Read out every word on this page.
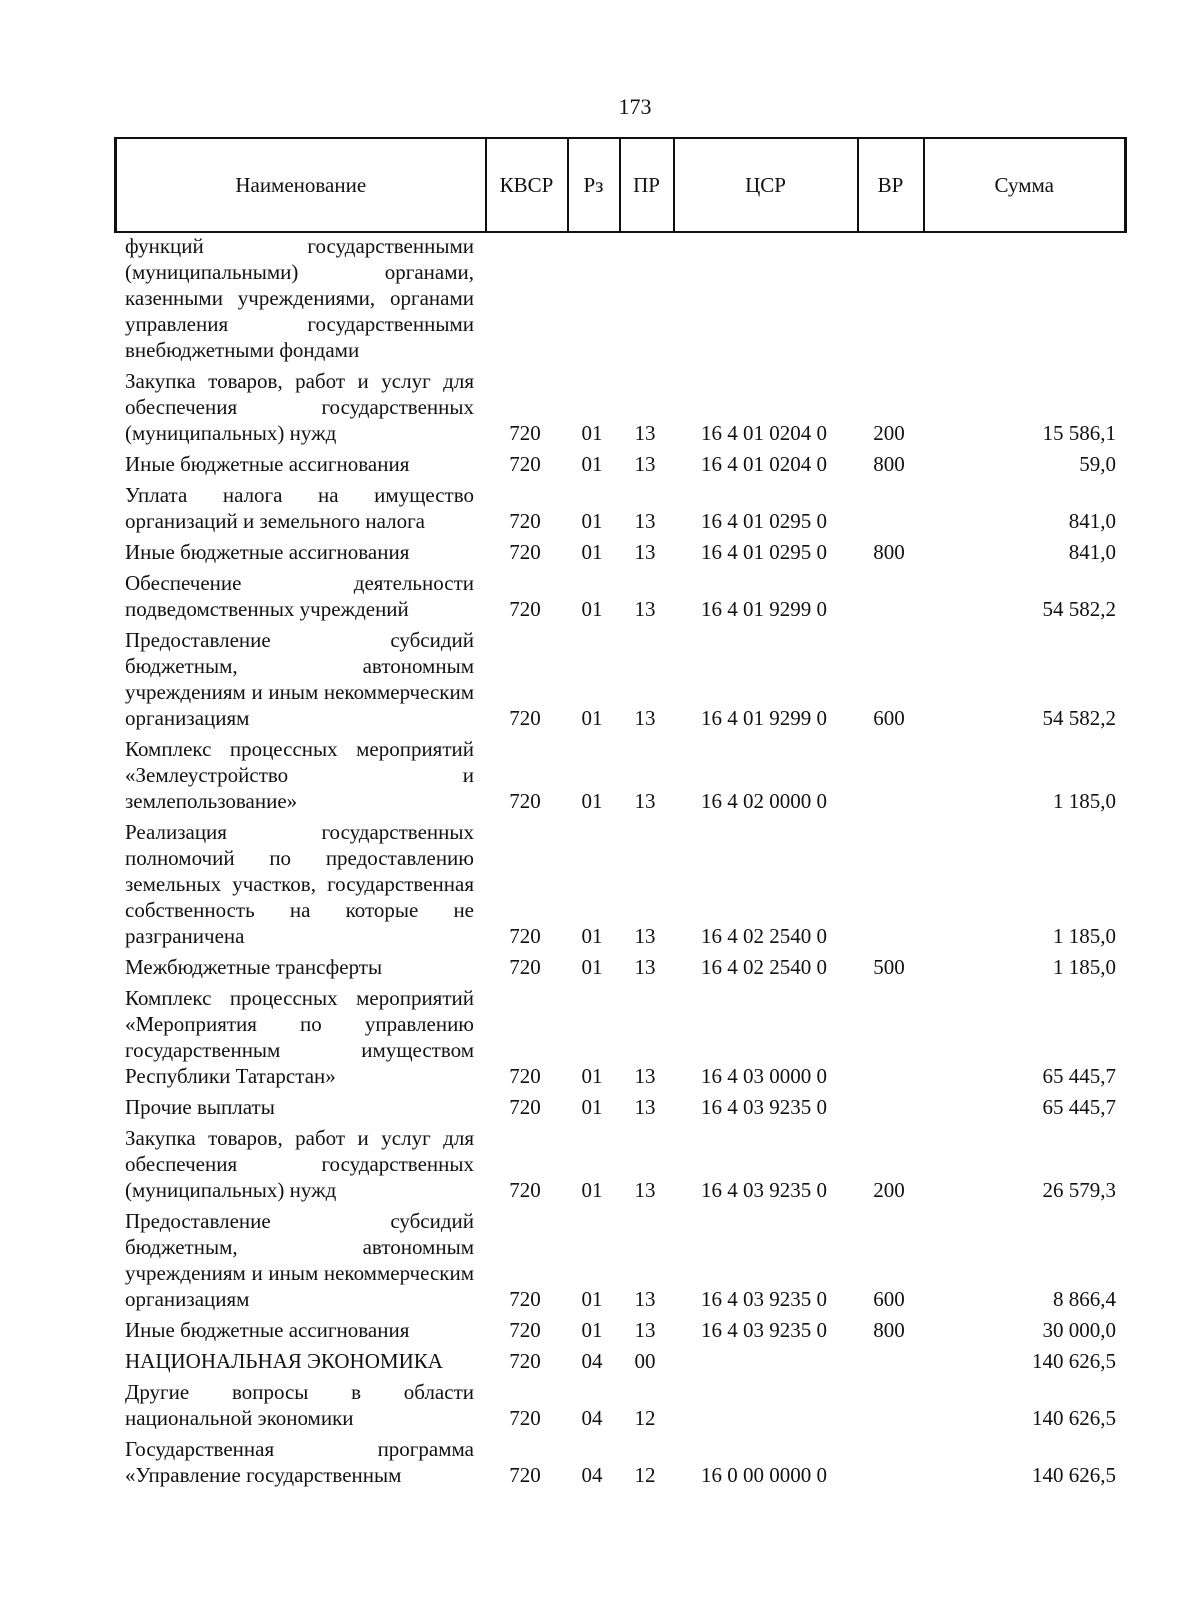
173
Наименование	КВСР	Рз	ПР	ЦСР	ВР	Сумма
функций государственными (муниципальными) органами, казенными учреждениями, органами управления государственными внебюджетными фондами						
Закупка товаров, работ и услуг для обеспечения государственных (муниципальных) нужд	720	01	13	16 4 01 0204 0	200	15 586,1
Иные бюджетные ассигнования	720	01	13	16 4 01 0204 0	800	59,0
Уплата налога на имущество организаций и земельного налога	720	01	13	16 4 01 0295 0		841,0
Иные бюджетные ассигнования	720	01	13	16 4 01 0295 0	800	841,0
Обеспечение деятельности подведомственных учреждений	720	01	13	16 4 01 9299 0		54 582,2
Предоставление субсидий бюджетным, автономным учреждениям и иным некоммерческим организациям	720	01	13	16 4 01 9299 0	600	54 582,2
Комплекс процессных мероприятий «Землеустройство и землепользование»	720	01	13	16 4 02 0000 0		1 185,0
Реализация государственных полномочий по предоставлению земельных участков, государственная собственность на которые не разграничена	720	01	13	16 4 02 2540 0		1 185,0
Межбюджетные трансферты	720	01	13	16 4 02 2540 0	500	1 185,0
Комплекс процессных мероприятий «Мероприятия по управлению государственным имуществом Республики Татарстан»	720	01	13	16 4 03 0000 0		65 445,7
Прочие выплаты	720	01	13	16 4 03 9235 0		65 445,7
Закупка товаров, работ и услуг для обеспечения государственных (муниципальных) нужд	720	01	13	16 4 03 9235 0	200	26 579,3
Предоставление субсидий бюджетным, автономным учреждениям и иным некоммерческим организациям	720	01	13	16 4 03 9235 0	600	8 866,4
Иные бюджетные ассигнования	720	01	13	16 4 03 9235 0	800	30 000,0
НАЦИОНАЛЬНАЯ ЭКОНОМИКА	720	04	00			140 626,5
Другие вопросы в области национальной экономики	720	04	12			140 626,5
Государственная программа «Управление государственным	720	04	12	16 0 00 0000 0		140 626,5
